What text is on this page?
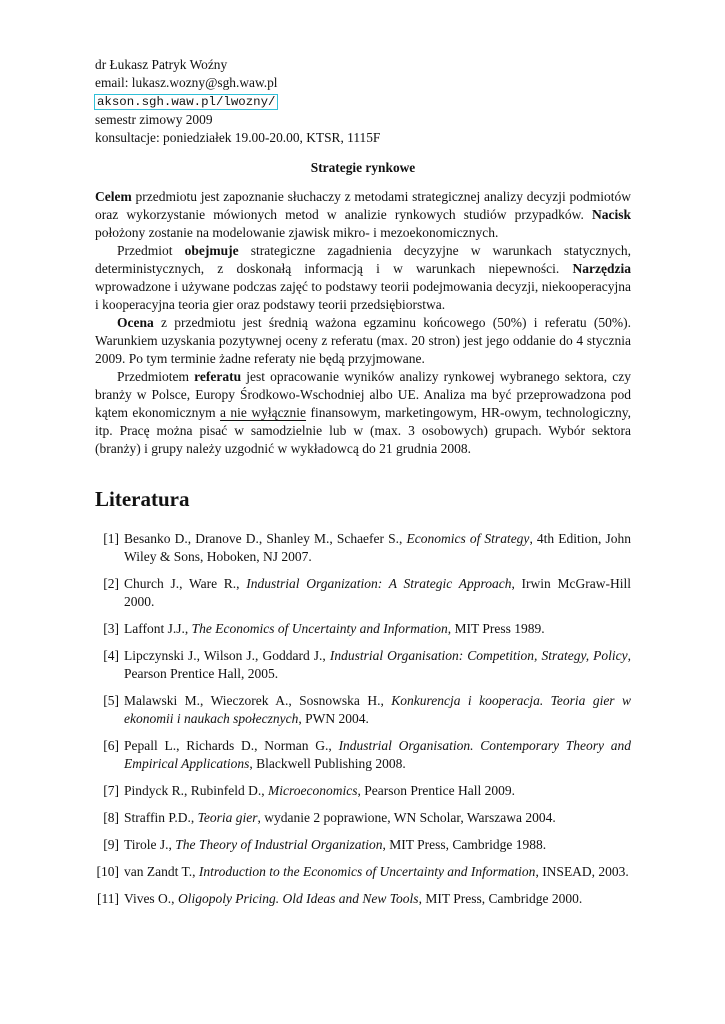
dr Łukasz Patryk Woźny

email: lukasz.wozny@sgh.waw.pl

akson.sgh.waw.pl/lwozny/

semestr zimowy 2009

konsultacje: poniedziałek 19.00-20.00, KTSR, 1115F

Strategie rynkowe

Celem przedmiotu jest zapoznanie słuchaczy z metodami strategicznej analizy decyzji podmiotów oraz wykorzystanie mówionych metod w analizie rynkowych studiów przypadków. Nacisk położony zostanie na modelowanie zjawisk mikro- i mezoekonomicznych.

Przedmiot obejmuje strategiczne zagadnienia decyzyjne w warunkach statycznych, deterministycznych, z doskonałą informacją i w warunkach niepewności. Narzędzia wprowadzone i używane podczas zajęć to podstawy teorii podejmowania decyzji, niekooperacyjna i kooperacyjna teoria gier oraz podstawy teorii przedsiębiorstwa.

Ocena z przedmiotu jest średnią ważona egzaminu końcowego (50%) i referatu (50%). Warunkiem uzyskania pozytywnej oceny z referatu (max. 20 stron) jest jego oddanie do 4 stycznia 2009. Po tym terminie żadne referaty nie będą przyjmowane.

Przedmiotem referatu jest opracowanie wyników analizy rynkowej wybranego sektora, czy branży w Polsce, Europy Środkowo-Wschodniej albo UE. Analiza ma być przeprowadzona pod kątem ekonomicznym a nie wyłącznie finansowym, marketingowym, HR-owym, technologiczny, itp. Pracę można pisać w samodzielnie lub w (max. 3 osobowych) grupach. Wybór sektora (branży) i grupy należy uzgodnić w wykładowcą do 21 grudnia 2008.

Literatura
[1] Besanko D., Dranove D., Shanley M., Schaefer S., Economics of Strategy, 4th Edition, John Wiley & Sons, Hoboken, NJ 2007.
[2] Church J., Ware R., Industrial Organization: A Strategic Approach, Irwin McGraw-Hill 2000.
[3] Laffont J.J., The Economics of Uncertainty and Information, MIT Press 1989.
[4] Lipczynski J., Wilson J., Goddard J., Industrial Organisation: Competition, Strategy, Policy, Pearson Prentice Hall, 2005.
[5] Malawski M., Wieczorek A., Sosnowska H., Konkurencja i kooperacja. Teoria gier w ekonomii i naukach społecznych, PWN 2004.
[6] Pepall L., Richards D., Norman G., Industrial Organisation. Contemporary Theory and Empirical Applications, Blackwell Publishing 2008.
[7] Pindyck R., Rubinfeld D., Microeconomics, Pearson Prentice Hall 2009.
[8] Straffin P.D., Teoria gier, wydanie 2 poprawione, WN Scholar, Warszawa 2004.
[9] Tirole J., The Theory of Industrial Organization, MIT Press, Cambridge 1988.
[10] van Zandt T., Introduction to the Economics of Uncertainty and Information, INSEAD, 2003.
[11] Vives O., Oligopoly Pricing. Old Ideas and New Tools, MIT Press, Cambridge 2000.
